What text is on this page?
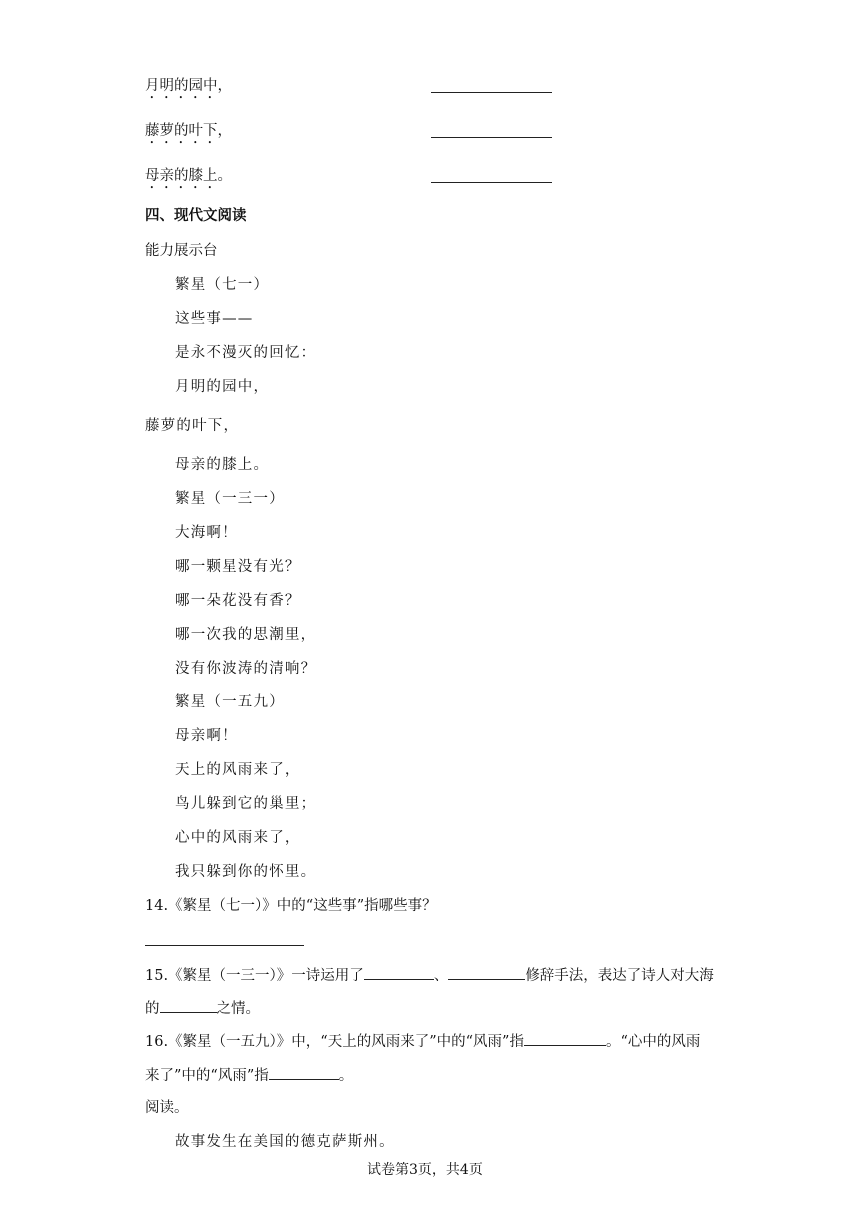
月明的园中，
藤萝的叶下，
母亲的膝上。
四、现代文阅读
能力展示台
繁星（七一）
这些事——
是永不漫灭的回忆：
月明的园中，
藤萝的叶下，
母亲的膝上。
繁星（一三一）
大海啊！
哪一颗星没有光？
哪一朵花没有香？
哪一次我的思潮里，
没有你波涛的清响？
繁星（一五九）
母亲啊！
天上的风雨来了，
鸟儿躲到它的巢里；
心中的风雨来了，
我只躲到你的怀里。
14.《繁星（七一）》中的“这些事”指哪些事？
15.《繁星（一三一）》一诗运用了	、	修辞手法，表达了诗人对大海
的	之情。
16.《繁星（一五九）》中，“天上的风雨来了”中的“风雨”指	。“心中的风雨
来了”中的“风雨”指	。
阅读。
故事发生在美国的德克萨斯州。
试卷第3页，共4页
